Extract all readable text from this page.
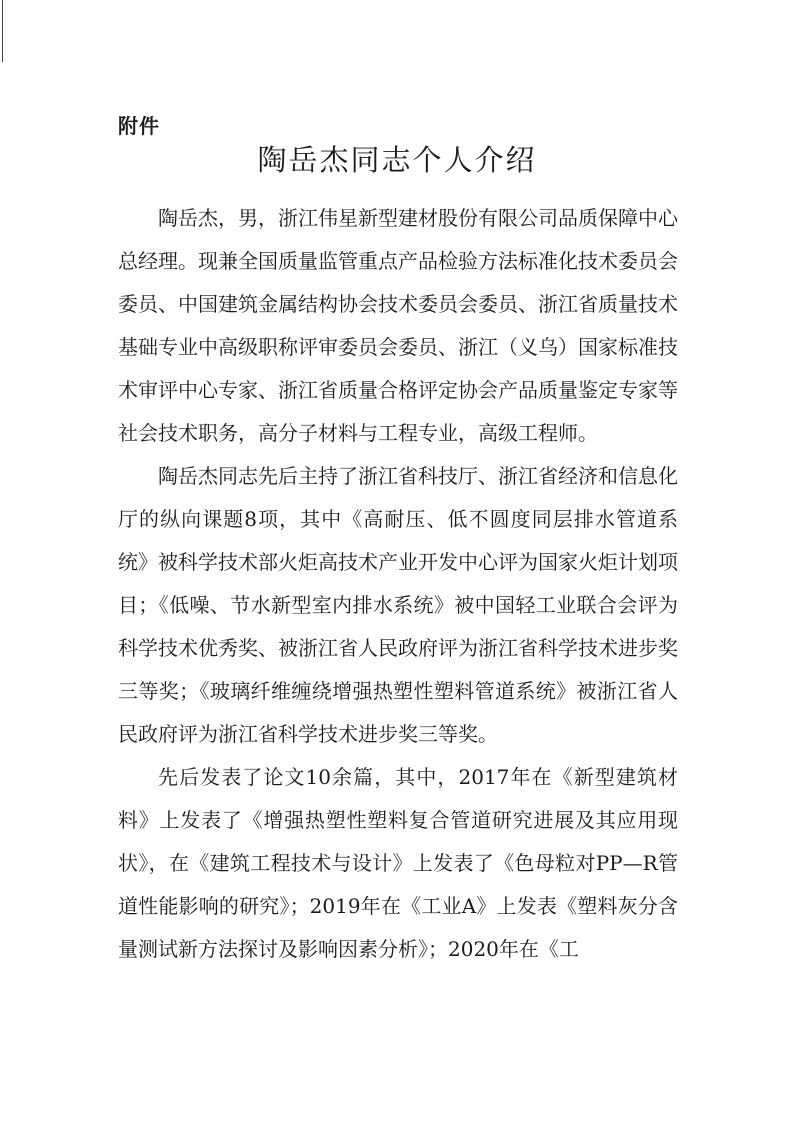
附件
陶岳杰同志个人介绍

陶岳杰，男，浙江伟星新型建材股份有限公司品质保障中心总经理。现兼全国质量监管重点产品检验方法标准化技术委员会委员、中国建筑金属结构协会技术委员会委员、浙江省质量技术基础专业中高级职称评审委员会委员、浙江（义乌）国家标准技术审评中心专家、浙江省质量合格评定协会产品质量鉴定专家等社会技术职务，高分子材料与工程专业，高级工程师。

陶岳杰同志先后主持了浙江省科技厅、浙江省经济和信息化厅的纵向课题8项，其中《高耐压、低不圆度同层排水管道系统》被科学技术部火炬高技术产业开发中心评为国家火炬计划项目；《低噪、节水新型室内排水系统》被中国轻工业联合会评为科学技术优秀奖、被浙江省人民政府评为浙江省科学技术进步奖三等奖；《玻璃纤维缠绕增强热塑性塑料管道系统》被浙江省人民政府评为浙江省科学技术进步奖三等奖。

先后发表了论文10余篇，其中，2017年在《新型建筑材料》上发表了《增强热塑性塑料复合管道研究进展及其应用现状》，在《建筑工程技术与设计》上发表了《色母粒对PP—R管道性能影响的研究》；2019年在《工业A》上发表《塑料灰分含量测试新方法探讨及影响因素分析》；2020年在《工
